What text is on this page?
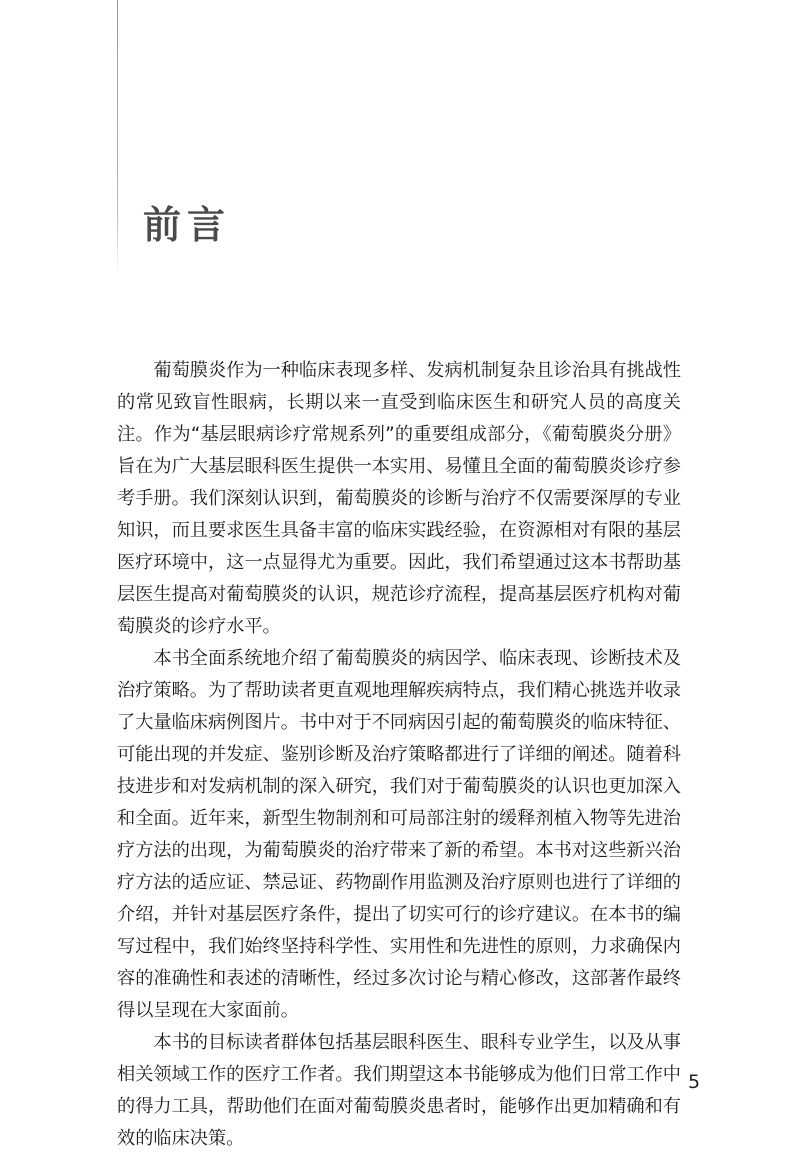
前言

葡萄膜炎作为一种临床表现多样、发病机制复杂且诊治具有挑战性的常见致盲性眼病，长期以来一直受到临床医生和研究人员的高度关注。作为“基层眼病诊疗常规系列”的重要组成部分，《葡萄膜炎分册》旨在为广大基层眼科医生提供一本实用、易懂且全面的葡萄膜炎诊疗参考手册。我们深刻认识到，葡萄膜炎的诊断与治疗不仅需要深厚的专业知识，而且要求医生具备丰富的临床实践经验，在资源相对有限的基层医疗环境中，这一点显得尤为重要。因此，我们希望通过这本书帮助基层医生提高对葡萄膜炎的认识，规范诊疗流程，提高基层医疗机构对葡萄膜炎的诊疗水平。

本书全面系统地介绍了葡萄膜炎的病因学、临床表现、诊断技术及治疗策略。为了帮助读者更直观地理解疾病特点，我们精心挑选并收录了大量临床病例图片。书中对于不同病因引起的葡萄膜炎的临床特征、可能出现的并发症、鉴别诊断及治疗策略都进行了详细的阐述。随着科技进步和对发病机制的深入研究，我们对于葡萄膜炎的认识也更加深入和全面。近年来，新型生物制剂和可局部注射的缓释剂植入物等先进治疗方法的出现，为葡萄膜炎的治疗带来了新的希望。本书对这些新兴治疗方法的适应证、禁忌证、药物副作用监测及治疗原则也进行了详细的介绍，并针对基层医疗条件，提出了切实可行的诊疗建议。在本书的编写过程中，我们始终坚持科学性、实用性和先进性的原则，力求确保内容的准确性和表述的清晰性，经过多次讨论与精心修改，这部著作最终得以呈现在大家面前。

本书的目标读者群体包括基层眼科医生、眼科专业学生，以及从事相关领域工作的医疗工作者。我们期望这本书能够成为他们日常工作中的得力工具，帮助他们在面对葡萄膜炎患者时，能够作出更加精确和有效的临床决策。

5
